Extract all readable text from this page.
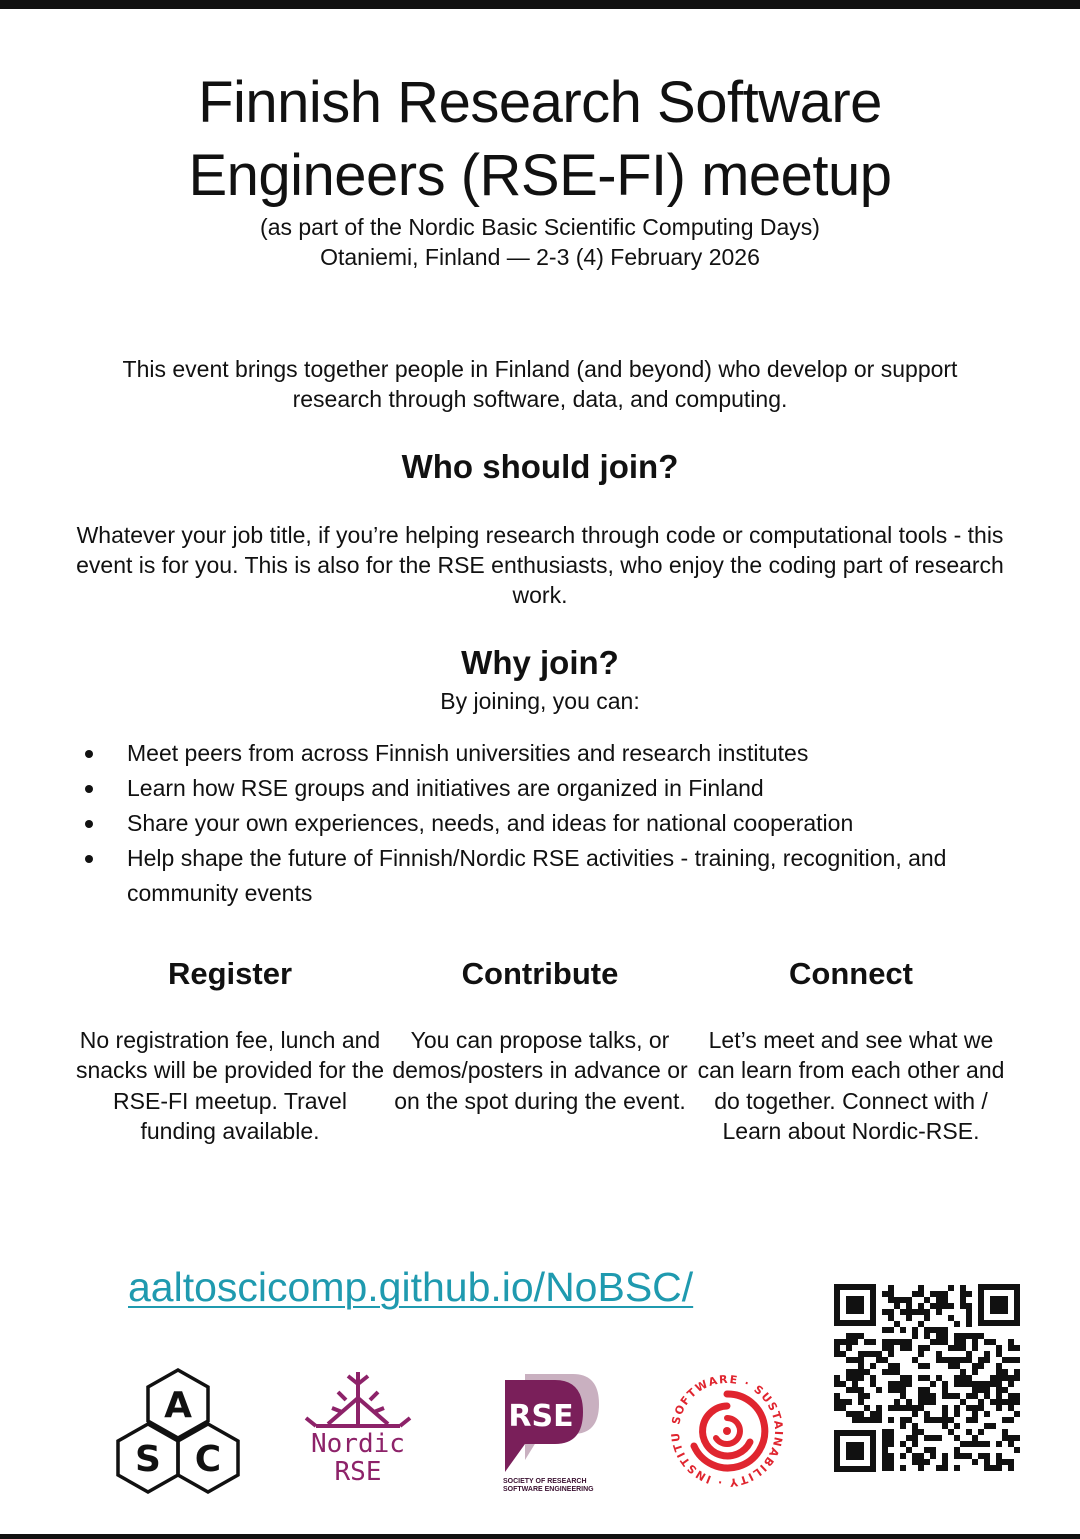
Finnish Research Software
Engineers (RSE-FI) meetup
(as part of the Nordic Basic Scientific Computing Days)
Otaniemi, Finland — 2-3 (4) February 2026
This event brings together people in Finland (and beyond) who develop or support research through software, data, and computing.
Who should join?
Whatever your job title, if you’re helping research through code or computational tools - this event is for you. This is also for the RSE enthusiasts, who enjoy the coding part of research work.
Why join?
By joining, you can:
Meet peers from across Finnish universities and research institutes
Learn how RSE groups and initiatives are organized in Finland
Share your own experiences, needs, and ideas for national cooperation
Help shape the future of Finnish/Nordic RSE activities - training, recognition, and community events
Register

No registration fee, lunch and snacks will be provided for the RSE-FI meetup. Travel funding available.

Contribute

You can propose talks, or demos/posters in advance or on the spot during the event.

Connect

Let’s meet and see what we can learn from each other and do together. Connect with / Learn about Nordic-RSE.

aaltoscicomp.github.io/NoBSC/
A
S C	Nordic
RSE
RSE
SOCIETY OF RESEARCH
SOFTWARE ENGINEERING
SOFTWARE · SUSTAINABILITY · INSTITU
